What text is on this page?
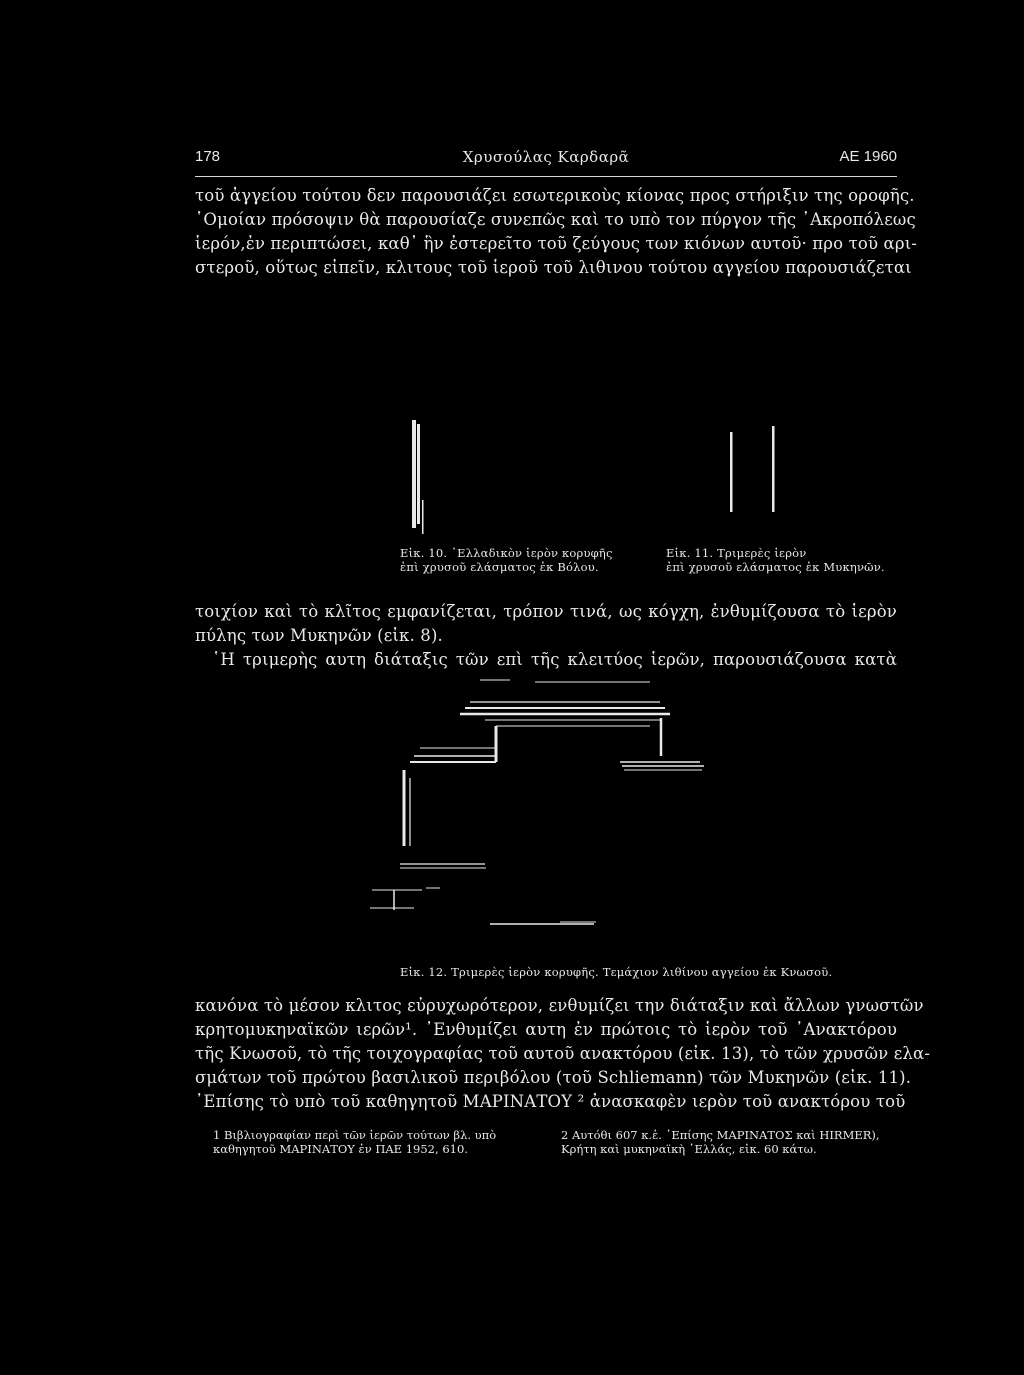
178	Χρυσούλας Καρδαρᾶ	ΑΕ 1960
τοῦ ἀγγείου τούτου δεν παρουσιάζει εσωτερικοὺς κίονας προς στήριξιν της οροφῆς.
῾Ομοίαν πρόσοψιν θὰ παρουσίαζε συνεπῶς καὶ το υπὸ τον πύργον τῆς ᾿Ακροπόλεως
ἱερόν,ἐν περιπτώσει, καθ᾿ ἣν ἐστερεῖτο τοῦ ζεύγους των κιόνων αυτοῦ· προ τοῦ αρι-
στεροῦ, οὕτως εἰπεῖν, κλιτους τοῦ ἱεροῦ τοῦ λιθινου τούτου αγγείου παρουσιάζεται
Εἰκ. 10. ᾿Ελλαδικὸν ἱερὸν κορυφῆς
ἐπὶ χρυσοῦ ελάσματος ἐκ Βόλου.
Εἰκ. 11. Τριμερὲς ἱερὸν
ἐπὶ χρυσοῦ ελάσματος ἐκ Μυκηνῶν.
τοιχίον καὶ τὸ κλῖτος εμφανίζεται, τρόπον τινά, ως κόγχη, ἐνθυμίζουσα τὸ ἱερὸν
πύλης των Μυκηνῶν (εἰκ. 8).
῾Η τριμερὴς αυτη διάταξις τῶν επὶ τῆς κλειτύος ἱερῶν, παρουσιάζουσα κατὰ
Εἰκ. 12. Τριμερὲς ἱερὸν κορυφῆς. Τεμάχιον λιθίνου αγγείου ἐκ Κνωσοῦ.
κανόνα τὸ μέσον κλιτος εὐρυχωρότερον, ενθυμίζει την διάταξιν καὶ ἄλλων γνωστῶν
κρητομυκηναϊκῶν ιερῶν¹. ᾿Ενθυμίζει αυτη ἐν πρώτοις τὸ ἱερὸν τοῦ ᾿Ανακτόρου
τῆς Κνωσοῦ, τὸ τῆς τοιχογραφίας τοῦ αυτοῦ ανακτόρου (εἰκ. 13), τὸ τῶν χρυσῶν ελα-
σμάτων τοῦ πρώτου βασιλικοῦ περιβόλου (τοῦ Schliemann) τῶν Μυκηνῶν (εἰκ. 11).
᾿Επίσης τὸ υπὸ τοῦ καθηγητοῦ ΜΑΡΙΝΑΤΟΥ ² ἀνασκαφὲν ιερὸν τοῦ ανακτόρου τοῦ
1 Βιβλιογραφίαν περὶ τῶν ἱερῶν τούτων βλ. υπὸ
καθηγητοῦ ΜΑΡΙΝΑΤΟΥ ἐν ΠΑΕ 1952, 610.
2 Αυτόθι 607 κ.ἑ. ᾿Επίσης ΜΑΡΙΝΑΤΟΣ καὶ HIRMER),
Κρήτη καὶ μυκηναϊκὴ ῾Ελλάς, εἰκ. 60 κάτω.
